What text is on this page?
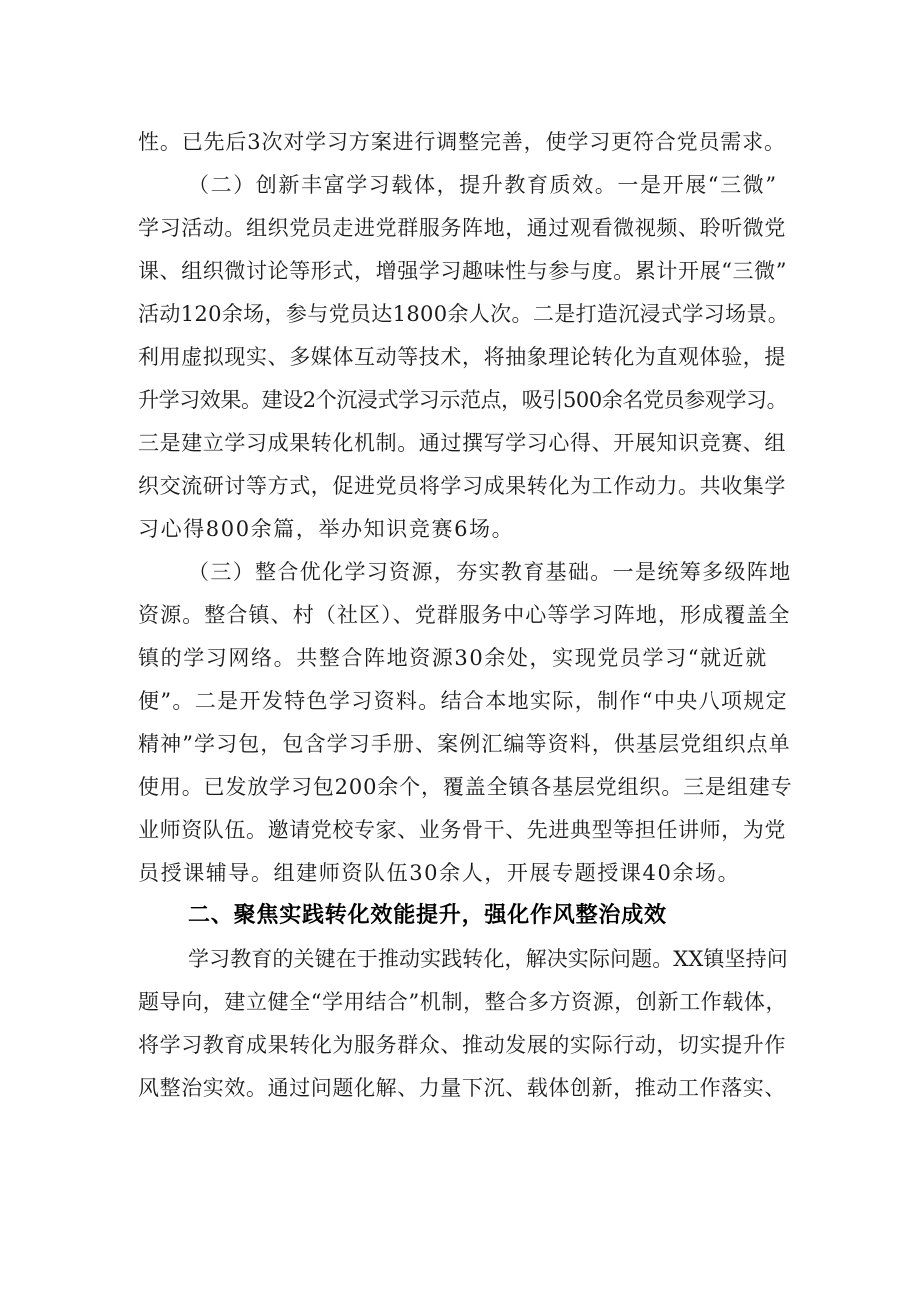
性。已先后3次对学习方案进行调整完善，使学习更符合党员需求。
（二）创新丰富学习载体，提升教育质效。一是开展“三微”
学习活动。组织党员走进党群服务阵地，通过观看微视频、聆听微党
课、组织微讨论等形式，增强学习趣味性与参与度。累计开展“三微”
活动120余场，参与党员达1800余人次。二是打造沉浸式学习场景。
利用虚拟现实、多媒体互动等技术，将抽象理论转化为直观体验，提
升学习效果。建设2个沉浸式学习示范点，吸引500余名党员参观学习。
三是建立学习成果转化机制。通过撰写学习心得、开展知识竞赛、组
织交流研讨等方式，促进党员将学习成果转化为工作动力。共收集学
习心得800余篇，举办知识竞赛6场。
（三）整合优化学习资源，夯实教育基础。一是统筹多级阵地
资源。整合镇、村（社区）、党群服务中心等学习阵地，形成覆盖全
镇的学习网络。共整合阵地资源30余处，实现党员学习“就近就
便”。二是开发特色学习资料。结合本地实际，制作“中央八项规定
精神”学习包，包含学习手册、案例汇编等资料，供基层党组织点单
使用。已发放学习包200余个，覆盖全镇各基层党组织。三是组建专
业师资队伍。邀请党校专家、业务骨干、先进典型等担任讲师，为党
员授课辅导。组建师资队伍30余人，开展专题授课40余场。
二、聚焦实践转化效能提升，强化作风整治成效
学习教育的关键在于推动实践转化，解决实际问题。XX镇坚持问
题导向，建立健全“学用结合”机制，整合多方资源，创新工作载体，
将学习教育成果转化为服务群众、推动发展的实际行动，切实提升作
风整治实效。通过问题化解、力量下沉、载体创新，推动工作落实、
